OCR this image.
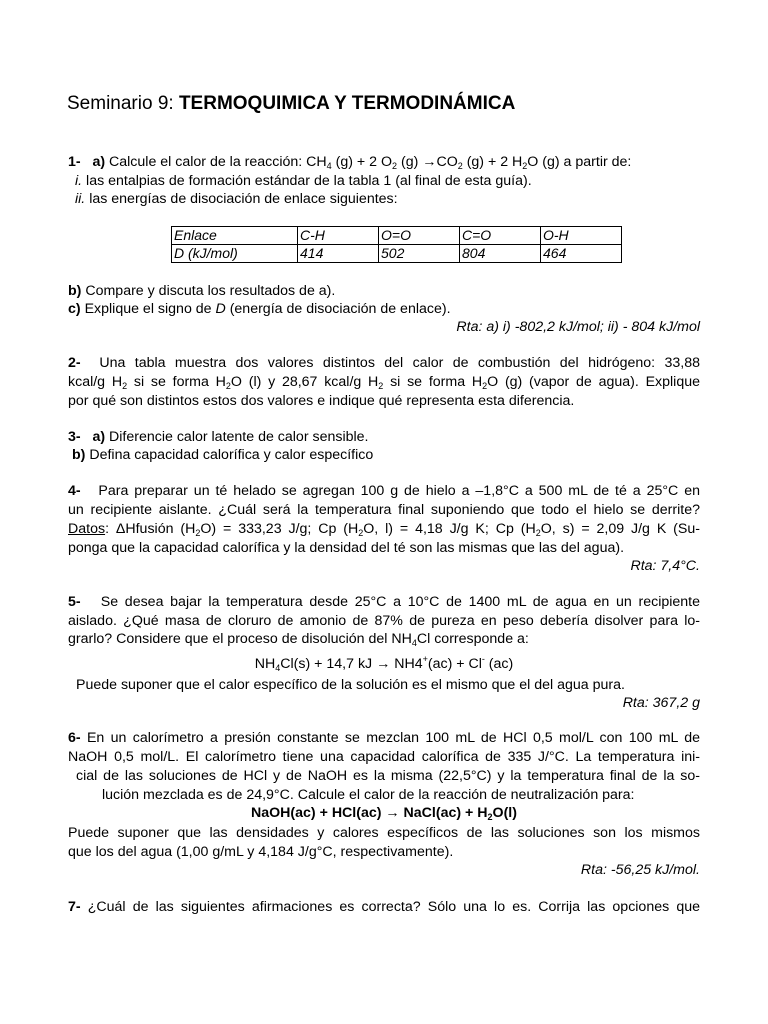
Seminario 9: TERMOQUIMICA Y TERMODINÁMICA
1- a) Calcule el calor de la reacción: $CH_4$ (g) + 2 $O_2$ $(g) \to CO_2$ (g) + 2 $H_2O$ (g) a partir de:
i. las entalpias de formación estándar de la tabla 1 (al final de esta guía).
ii. las energías de disociación de enlace siguientes:
Enlace	C-H	O=O	C=O	O-H
D (kJ/mol)	414	502	804	464
b) Compare y discuta los resultados de a).
c) Explique el signo de D (energía de disociación de enlace).
Rta: a) i) -802,2 kJ/mol; ii) - 804 kJ/mol
2- Una tabla muestra dos valores distintos del calor de combustión del hidrógeno: 33,88
kcal/g $H_2$ si se forma $H_2O$ (l) y 28,67 kcal/g $H_2$ si se forma $H_2O$ (g) (vapor de agua). Explique
por qué son distintos estos dos valores e indique qué representa esta diferencia.
3- a) Diferencie calor latente de calor sensible.
b) Defina capacidad calorífica y calor específico
4- Para preparar un té helado se agregan 100 g de hielo a –1,8°C a 500 mL de té a 25°C en
un recipiente aislante. ¿Cuál será la temperatura final suponiendo que todo el hielo se derrite?
Datos: ΔHfusión $(H_2O) = 333,23$ J/g; Cp ($H_2O$, l) = 4,18 J/g K; Cp ($H_2O$, s) = 2,09 J/g K (Su-
ponga que la capacidad calorífica y la densidad del té son las mismas que las del agua).
Rta: 7,4°C.
5- Se desea bajar la temperatura desde 25°C a 10°C de 1400 mL de agua en un recipiente
aislado. ¿Qué masa de cloruro de amonio de 87% de pureza en peso debería disolver para lo-
grarlo? Considere que el proceso de disolución del $NH_4Cl$ corresponde a:
$NH_4Cl(s) + 14,7$ kJ → NH4+(ac) + Cl- (ac)
Puede suponer que el calor específico de la solución es el mismo que el del agua pura.
Rta: 367,2 g
6- En un calorímetro a presión constante se mezclan 100 mL de HCl 0,5 mol/L con 100 mL de
NaOH 0,5 mol/L. El calorímetro tiene una capacidad calorífica de 335 J/°C. La temperatura ini-
cial de las soluciones de HCl y de NaOH es la misma (22,5°C) y la temperatura final de la so-
lución mezclada es de 24,9°C. Calcule el calor de la reacción de neutralización para:
NaOH(ac) + HCl(ac) → NaCl(ac) + $H_2O(l)$
Puede suponer que las densidades y calores específicos de las soluciones son los mismos
que los del agua (1,00 g/mL y 4,184 J/g°C, respectivamente).
Rta: -56,25 kJ/mol.
7- ¿Cuál de las siguientes afirmaciones es correcta? Sólo una lo es. Corrija las opciones que
